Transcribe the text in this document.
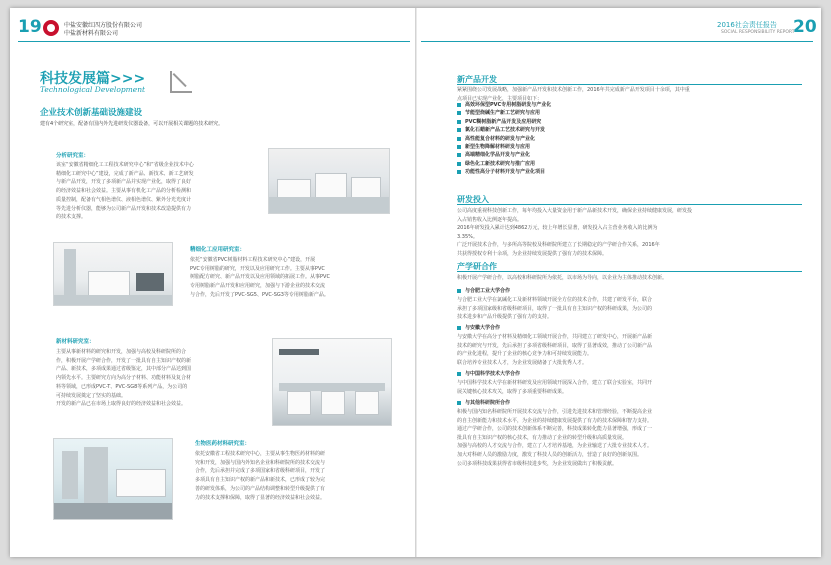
19	中盐安徽红四方股份有限公司
中盐新材料有限公司
科技发展篇>>>
Technological Development
企业技术创新基础设施建设
建有4个研究室，配备有国内外先进研发仪器设备，可以开展相关课题的技术研究。
分析研究室：
该室“安徽省精细化工工程技术研究中心”和“省级企业技术中心
精细化工研究中心”建设，完成了新产品、新技术、新工艺研发
与新产品开发，开发了多项新产品并实现产业化，取得了良好
的经济效益和社会效益。主要从事有机化工产品的分析检测和
质量控制，配备有气相色谱仪、液相色谱仪、紫外分光光度计
等先进分析仪器，能够为公司新产品开发和技术改造提供有力
的技术支撑。
精细化工应用研究室：
依托“安徽省PVC树脂材料工程技术研究中心”建设，开展
PVC专用树脂的研究，开发以及应用研究工作。主要从事PVC
树脂配方研究、新产品开发以及应用领域的拓展工作。从事PVC
专用树脂新产品开发和应用研究，加强与下游企业的技术交流
与合作，先后开发了PVC-SG5、PVC-SG3等专用树脂新产品。
新材料研究室：
主要从事新材料的研究和开发，加强与高校及科研院所的合
作，积极开展产学研合作，开发了一批具有自主知识产权的新
产品、新技术，多项成果通过省级鉴定，其中部分产品达到国
内领先水平。主要研究方向为高分子材料、功能材料及复合材
料等领域，已形成PVC-T、PVC-SG8等系列产品，为公司的
可持续发展奠定了坚实的基础。
开发的新产品已在市场上取得良好的经济效益和社会效益。
生物医药材料研究室：
依托安徽省工程技术研究中心，主要从事生物医药材料的研
究和开发，加强与国内外知名企业和科研院所的技术交流与
合作，先后承担并完成了多项国家和省级科研项目，开发了
多项具有自主知识产权的新产品和新技术，已形成了较为完
善的研发体系，为公司的产品结构调整和转型升级提供了有
力的技术支撑和保障，取得了显著的经济效益和社会效益。
2016社会责任报告
SOCIAL RESPONSIBILITY REPORT
20
新产品开发
紧紧围绕公司发展战略，加强新产品开发和技术创新工作，2016年共完成新产品开发项目十余项，其中重
点项目已实现产业化，主要项目如下：
高效环保型PVC专用树脂研发与产业化
节能型烧碱生产新工艺研究与应用
PVC糊树脂新产品开发及应用研究
氯化石蜡新产品工艺技术研究与开发
高性能复合材料的研发与产业化
新型生物降解材料研发与应用
高端精细化学品开发与产业化
绿色化工新技术研究与推广应用
功能性高分子材料开发与产业化项目
研发投入
公司高度重视科技创新工作，每年均投入大量资金用于新产品新技术开发，确保企业持续健康发展，研发投
入占销售收入比例逐年提高。
2016年研发投入累计达到4862万元，较上年增长显著，研发投入占主营业务收入的比例为
3.35%。
广泛开展技术合作，与多所高等院校及科研院所建立了长期稳定的产学研合作关系，2016年
共获得授权专利十余项，为企业持续发展提供了强有力的技术保障。
产学研合作
积极开展产学研合作，以高校和科研院所为依托，以市场为导向，以企业为主体推动技术创新。
与合肥工业大学合作
与合肥工业大学在氯碱化工及新材料领域开展全方位的技术合作，共建了研发平台，联合
承担了多项国家级和省级科研项目，取得了一批具有自主知识产权的科研成果，为公司的
技术进步和产品升级提供了强有力的支持。
与安徽大学合作
与安徽大学在高分子材料及精细化工领域开展合作，共同建立了研发中心，开展新产品新
技术的研究与开发，先后承担了多项省级科研项目，取得了显著成效，推动了公司新产品
的产业化进程，提升了企业的核心竞争力和可持续发展能力。
联合培养专业技术人才，为企业发展储备了大批优秀人才。
与中国科学技术大学合作
与中国科学技术大学在新材料研发及应用领域开展深入合作，建立了联合实验室，共同开
展关键核心技术攻关，取得了多项重要科研成果。
与其他科研院所合作
积极与国内知名科研院所开展技术交流与合作，引进先进技术和管理经验，不断提高企业
的自主创新能力和技术水平，为企业的持续健康发展提供了有力的技术保障和智力支持。
通过产学研合作，公司的技术创新体系不断完善，科技成果转化能力显著增强，形成了一
批具有自主知识产权的核心技术，有力推动了企业的转型升级和高质量发展。
加强与高校的人才交流与合作，建立了人才培养基地，为企业输送了大批专业技术人才。
加大对科研人员的激励力度，激发了科技人员的创新活力，营造了良好的创新氛围。
公司多项科技成果获得省市级科技进步奖，为企业发展做出了积极贡献。
